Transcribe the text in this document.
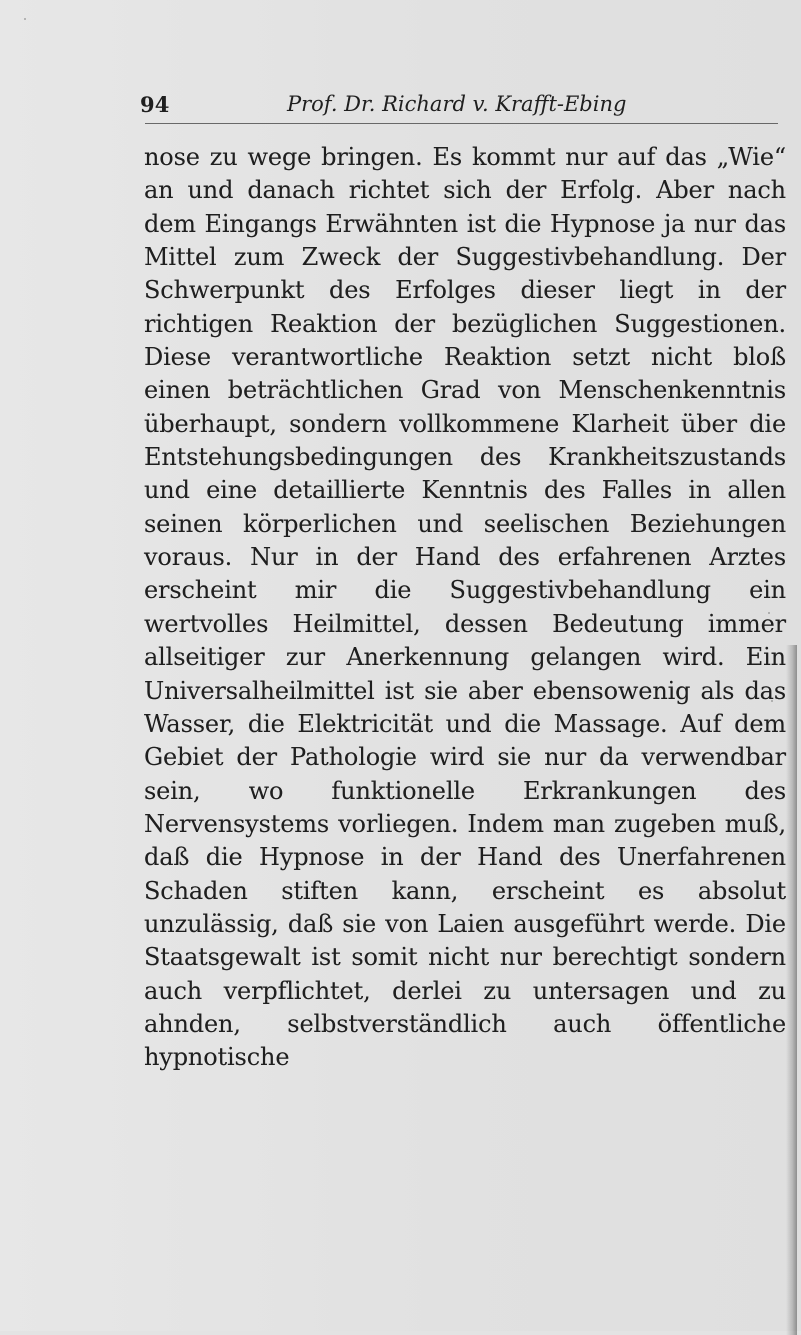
94	Prof. Dr. Richard v. Krafft-Ebing

nose zu wege bringen. Es kommt nur auf das „Wie“ an und danach richtet sich der Erfolg. Aber nach dem Eingangs Erwähnten ist die Hypnose ja nur das Mittel zum Zweck der Suggestivbehandlung. Der Schwerpunkt des Erfolges dieser liegt in der richtigen Reaktion der bezüglichen Suggestionen. Diese verantwortliche Reaktion setzt nicht bloß einen beträchtlichen Grad von Menschenkenntnis überhaupt, sondern vollkommene Klarheit über die Entstehungsbedingungen des Krankheitszustands und eine detaillierte Kenntnis des Falles in allen seinen körperlichen und seelischen Beziehungen voraus. Nur in der Hand des erfahrenen Arztes erscheint mir die Suggestivbehandlung ein wertvolles Heilmittel, dessen Bedeutung immer allseitiger zur Anerkennung gelangen wird. Ein Universalheilmittel ist sie aber ebensowenig als das Wasser, die Elektricität und die Massage. Auf dem Gebiet der Pathologie wird sie nur da verwendbar sein, wo funktionelle Erkrankungen des Nervensystems vorliegen. Indem man zugeben muß, daß die Hypnose in der Hand des Unerfahrenen Schaden stiften kann, erscheint es absolut unzulässig, daß sie von Laien ausgeführt werde. Die Staatsgewalt ist somit nicht nur berechtigt sondern auch verpflichtet, derlei zu untersagen und zu ahnden, selbstverständlich auch öffentliche hypnotische
